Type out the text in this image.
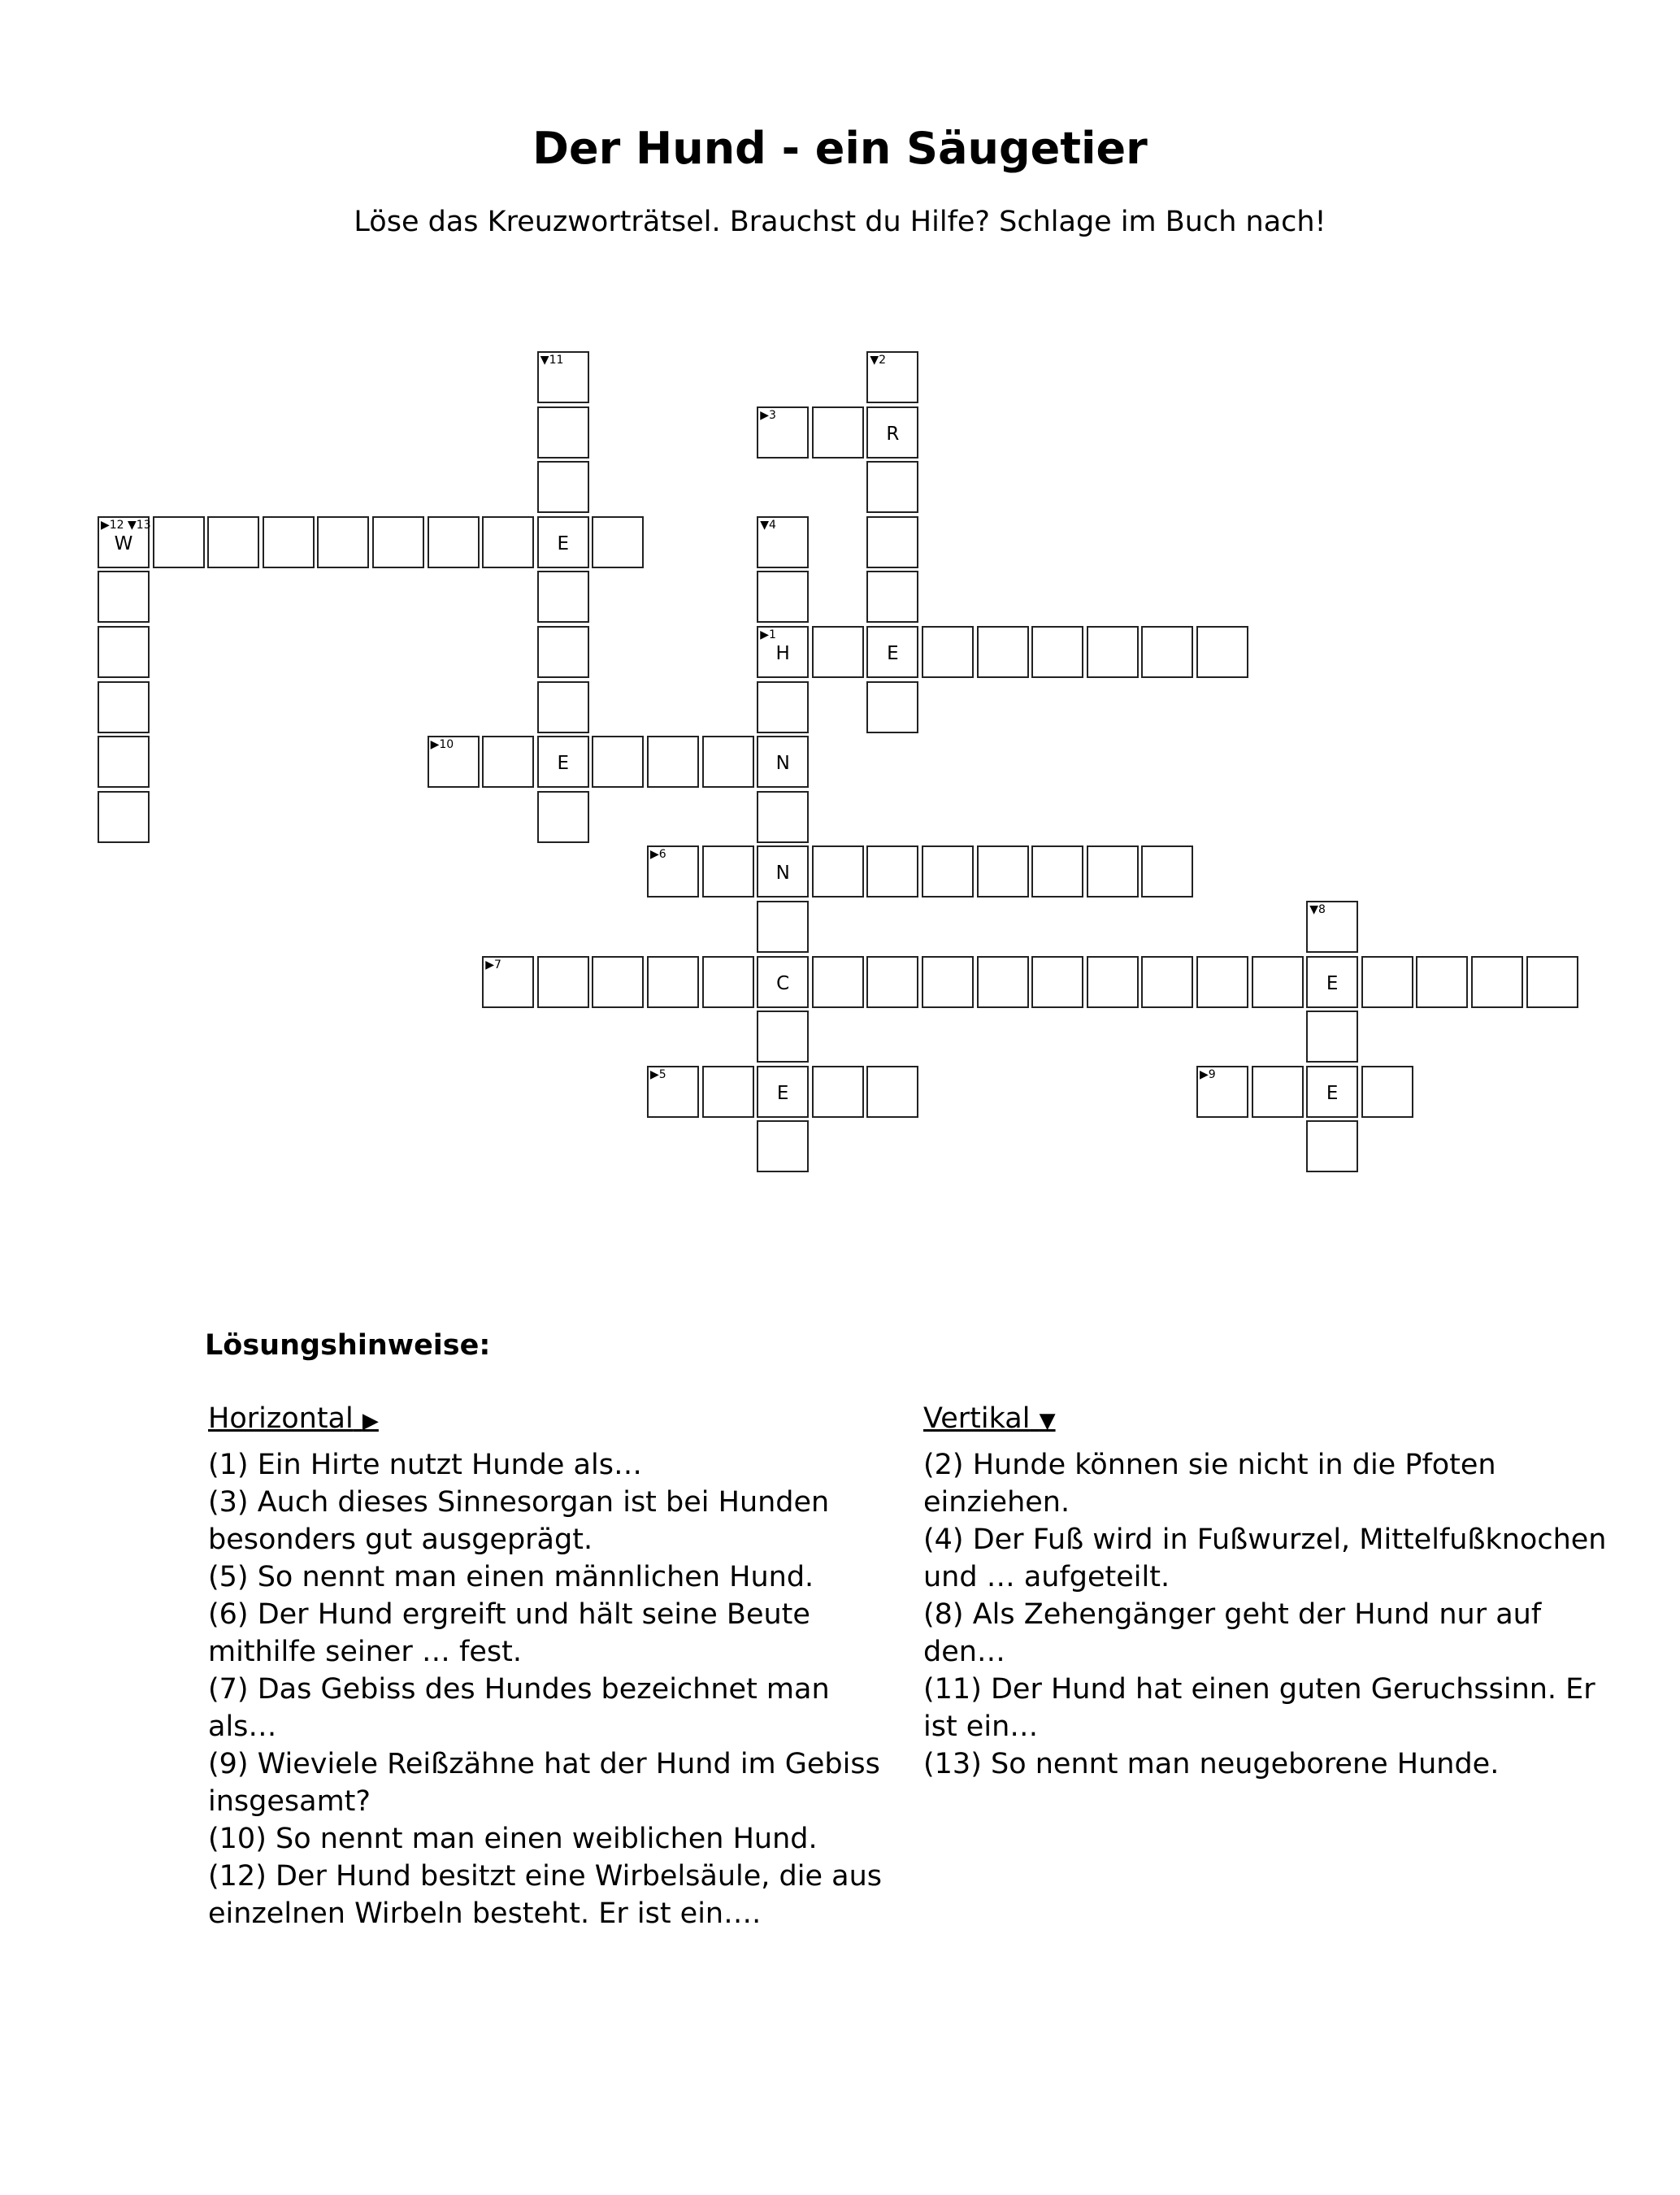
Der Hund - ein Säugetier
Löse das Kreuzworträtsel. Brauchst du Hilfe? Schlage im Buch nach!
▼11	▼2
▶3
R
▶12 ▼13
W	E
▼4
▶1
H	E
▶10
E	N
▶6
N
▼8
▶7
C	E
▶5
E
▶9
E
Lösungshinweise:
Horizontal ▶
(1) Ein Hirte nutzt Hunde als…
(3) Auch dieses Sinnesorgan ist bei Hunden besonders gut ausgeprägt.
(5) So nennt man einen männlichen Hund.
(6) Der Hund ergreift und hält seine Beute mithilfe seiner … fest.
(7) Das Gebiss des Hundes bezeichnet man als…
(9) Wieviele Reißzähne hat der Hund im Gebiss insgesamt?
(10) So nennt man einen weiblichen Hund.
(12) Der Hund besitzt eine Wirbelsäule, die aus einzelnen Wirbeln besteht. Er ist ein….
Vertikal ▼
(2) Hunde können sie nicht in die Pfoten einziehen.
(4) Der Fuß wird in Fußwurzel, Mittelfußknochen und … aufgeteilt.
(8) Als Zehengänger geht der Hund nur auf den…
(11) Der Hund hat einen guten Geruchssinn. Er ist ein…
(13) So nennt man neugeborene Hunde.
